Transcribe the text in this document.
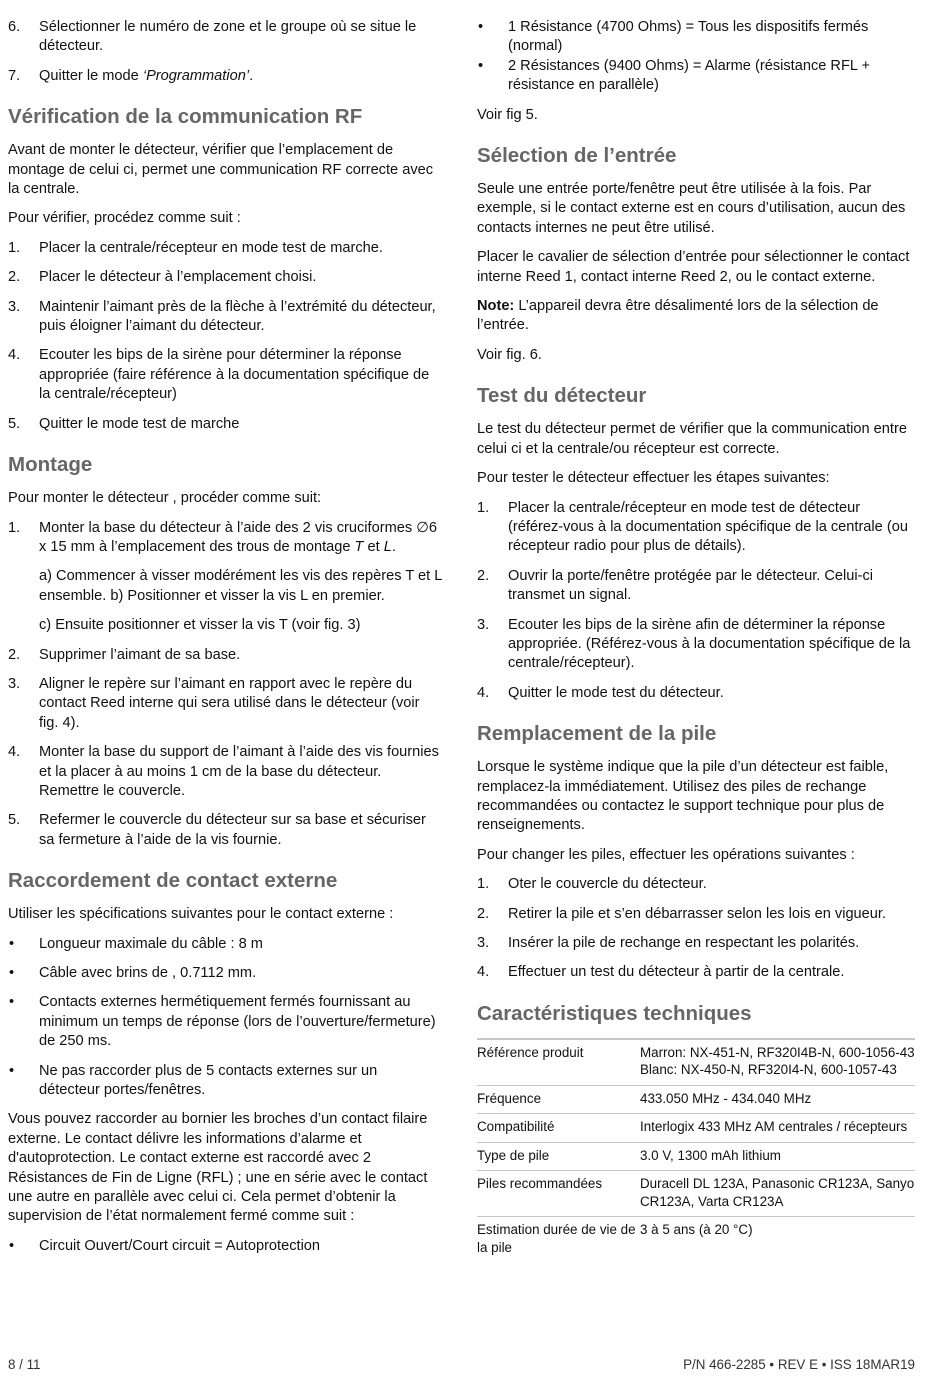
6. Sélectionner le numéro de zone et le groupe où se situe le détecteur.
7. Quitter le mode ‘Programmation’.
Vérification de la communication RF

Avant de monter le détecteur, vérifier que l’emplacement de montage de celui ci, permet une communication RF correcte avec la centrale.

Pour vérifier, procédez comme suit :

1. Placer la centrale/récepteur en mode test de marche.
2. Placer le détecteur à l’emplacement choisi.
3. Maintenir l’aimant près de la flèche à l’extrémité du détecteur, puis éloigner l’aimant du détecteur.
4. Ecouter les bips de la sirène pour déterminer la réponse appropriée (faire référence à la documentation spécifique de la centrale/récepteur)
5. Quitter le mode test de marche
Montage

Pour monter le détecteur , procéder comme suit:

1. Monter la base du détecteur à l’aide des 2 vis cruciformes ∅6 x 15 mm à l’emplacement des trous de montage T et L.
a) Commencer à visser modérément les vis des repères T et L ensemble. b) Positionner et visser la vis L en premier.
c) Ensuite positionner et visser la vis T (voir fig. 3)
2. Supprimer l’aimant de sa base.
3. Aligner le repère sur l’aimant en rapport avec le repère du contact Reed interne qui sera utilisé dans le détecteur (voir fig. 4).
4. Monter la base du support de l’aimant à l’aide des vis fournies et la placer à au moins 1 cm de la base du détecteur. Remettre le couvercle.
5. Refermer le couvercle du détecteur sur sa base et sécuriser sa fermeture à l’aide de la vis fournie.
Raccordement de contact externe

Utiliser les spécifications suivantes pour le contact externe :

• Longueur maximale du câble : 8 m
• Câble avec brins de , 0.7112 mm.
• Contacts externes hermétiquement fermés fournissant au minimum un temps de réponse (lors de l’ouverture/fermeture) de 250 ms.
• Ne pas raccorder plus de 5 contacts externes sur un détecteur portes/fenêtres.

Vous pouvez raccorder au bornier les broches d’un contact filaire externe. Le contact délivre les informations d’alarme et d'autoprotection. Le contact externe est raccordé avec 2 Résistances de Fin de Ligne (RFL) ; une en série avec le contact une autre en parallèle avec celui ci. Cela permet d’obtenir la supervision de l’état normalement fermé comme suit :

• Circuit Ouvert/Court circuit = Autoprotection
• 1 Résistance (4700 Ohms) = Tous les dispositifs fermés (normal)
• 2 Résistances (9400 Ohms) = Alarme (résistance RFL + résistance en parallèle)

Voir fig 5.

Sélection de l’entrée

Seule une entrée porte/fenêtre peut être utilisée à la fois. Par exemple, si le contact externe est en cours d’utilisation, aucun des contacts internes ne peut être utilisé.

Placer le cavalier de sélection d’entrée pour sélectionner le contact interne Reed 1, contact interne Reed 2, ou le contact externe.

Note: L’appareil devra être désalimenté lors de la sélection de l’entrée.

Voir fig. 6.

Test du détecteur

Le test du détecteur permet de vérifier que la communication entre celui ci et la centrale/ou récepteur est correcte.

Pour tester le détecteur effectuer les étapes suivantes:

1. Placer la centrale/récepteur en mode test de détecteur (référez-vous à la documentation spécifique de la centrale (ou récepteur radio pour plus de détails).
2. Ouvrir la porte/fenêtre protégée par le détecteur. Celui-ci transmet un signal.
3. Ecouter les bips de la sirène afin de déterminer la réponse appropriée. (Référez-vous à la documentation spécifique de la centrale/récepteur).
4. Quitter le mode test du détecteur.
Remplacement de la pile

Lorsque le système indique que la pile d’un détecteur est faible, remplacez-la immédiatement. Utilisez des piles de rechange recommandées ou contactez le support technique pour plus de renseignements.

Pour changer les piles, effectuer les opérations suivantes :

1. Oter le couvercle du détecteur.
2. Retirer la pile et s’en débarrasser selon les lois en vigueur.
3. Insérer la pile de rechange en respectant les polarités.
4. Effectuer un test du détecteur à partir de la centrale.
Caractéristiques techniques
Référence produit	Marron: NX-451-N, RF320I4B-N, 600-1056-43
Blanc: NX-450-N, RF320I4-N, 600-1057-43

Fréquence	433.050 MHz - 434.040 MHz
Compatibilité	Interlogix 433 MHz AM centrales / récepteurs
Type de pile	3.0 V, 1300 mAh lithium
Piles recommandées	Duracell DL 123A, Panasonic CR123A, Sanyo CR123A, Varta CR123A
Estimation durée de vie de la pile	3 à 5 ans (à 20 °C)
8 / 11	P/N 466-2285 • REV E • ISS 18MAR19
